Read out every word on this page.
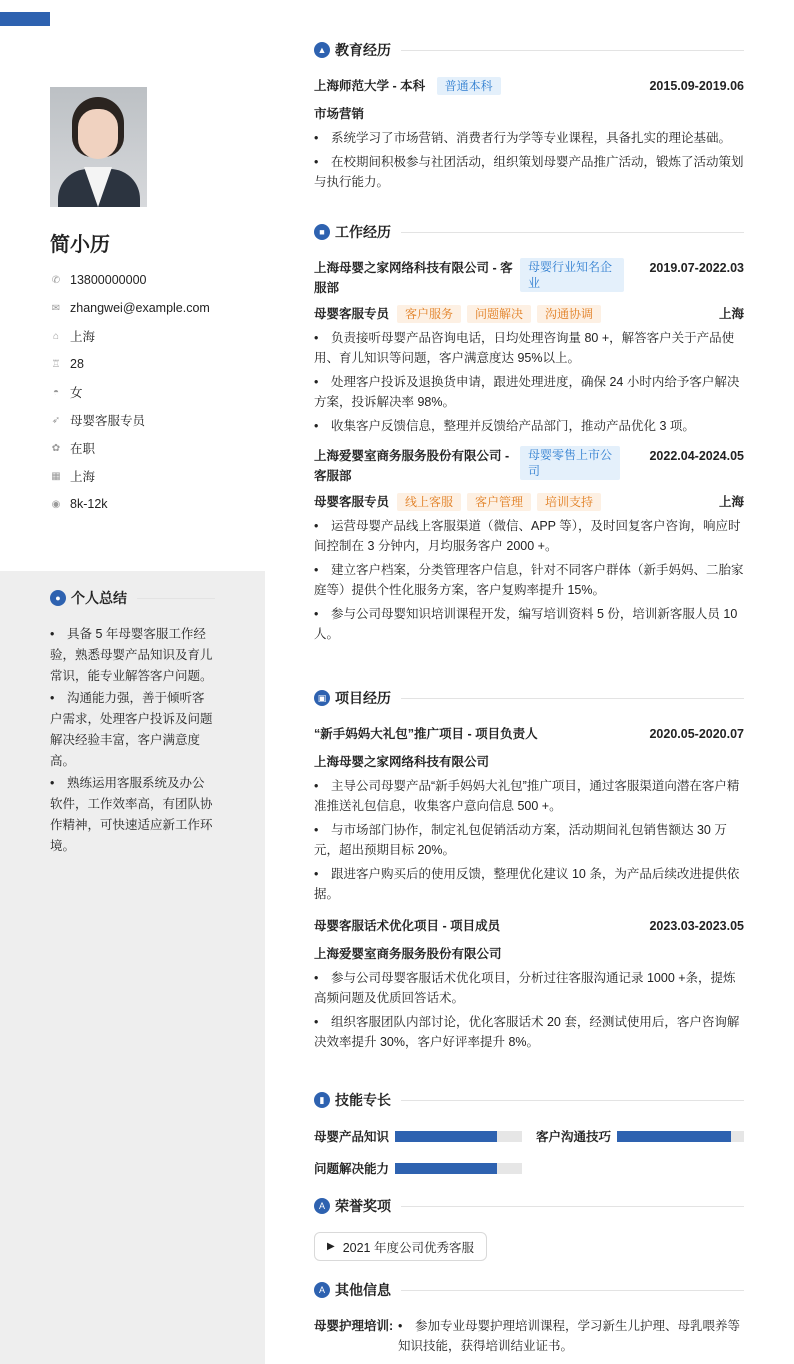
简小历
✆ 13800000000
✉ zhangwei@example.com
⌂ 上海
♖ 28
◓ 女
➶ 母婴客服专员
✿ 在职
▦ 上海
◉ 8k-12k
● 个人总结
• 具备 5 年母婴客服工作经验，熟悉母婴产品知识及育儿常识，能专业解答客户问题。
• 沟通能力强，善于倾听客户需求，处理客户投诉及问题解决经验丰富，客户满意度高。
• 熟练运用客服系统及办公软件，工作效率高，有团队协作精神，可快速适应新工作环境。
▲ 教育经历
上海师范大学 - 本科 普通本科	2015.09-2019.06
市场营销
• 系统学习了市场营销、消费者行为学等专业课程，具备扎实的理论基础。
• 在校期间积极参与社团活动，组织策划母婴产品推广活动，锻炼了活动策划与执行能力。
■ 工作经历
上海母婴之家网络科技有限公司 - 客服部
母婴行业知名企业
2019.07-2022.03
母婴客服专员 客户服务 问题解决 沟通协调	上海
• 负责接听母婴产品咨询电话，日均处理咨询量 80 +，解答客户关于产品使用、育儿知识等问题，客户满意度达 95%以上。
• 处理客户投诉及退换货申请，跟进处理进度，确保 24 小时内给予客户解决方案，投诉解决率 98%。
• 收集客户反馈信息，整理并反馈给产品部门，推动产品优化 3 项。
上海爱婴室商务服务股份有限公司 - 客服部
母婴零售上市公司
2022.04-2024.05
母婴客服专员 线上客服 客户管理 培训支持	上海
• 运营母婴产品线上客服渠道（微信、APP 等），及时回复客户咨询，响应时间控制在 3 分钟内，月均服务客户 2000 +。
• 建立客户档案，分类管理客户信息，针对不同客户群体（新手妈妈、二胎家庭等）提供个性化服务方案，客户复购率提升 15%。
• 参与公司母婴知识培训课程开发，编写培训资料 5 份，培训新客服人员 10 人。
▣ 项目经历
“新手妈妈大礼包”推广项目 - 项目负责人	2020.05-2020.07
上海母婴之家网络科技有限公司
• 主导公司母婴产品“新手妈妈大礼包”推广项目，通过客服渠道向潜在客户精准推送礼包信息，收集客户意向信息 500 +。
• 与市场部门协作，制定礼包促销活动方案，活动期间礼包销售额达 30 万元，超出预期目标 20%。
• 跟进客户购买后的使用反馈，整理优化建议 10 条，为产品后续改进提供依据。
母婴客服话术优化项目 - 项目成员	2023.03-2023.05
上海爱婴室商务服务股份有限公司
• 参与公司母婴客服话术优化项目，分析过往客服沟通记录 1000 +条，提炼高频问题及优质回答话术。
• 组织客服团队内部讨论，优化客服话术 20 套，经测试使用后，客户咨询解决效率提升 30%，客户好评率提升 8%。
▮ 技能专长
母婴产品知识	客户沟通技巧
问题解决能力
A 荣誉奖项
▶ 2021 年度公司优秀客服
A 其他信息
母婴护理培训: • 参加专业母婴护理培训课程，学习新生儿护理、母乳喂养等知识技能，获得培训结业证书。
